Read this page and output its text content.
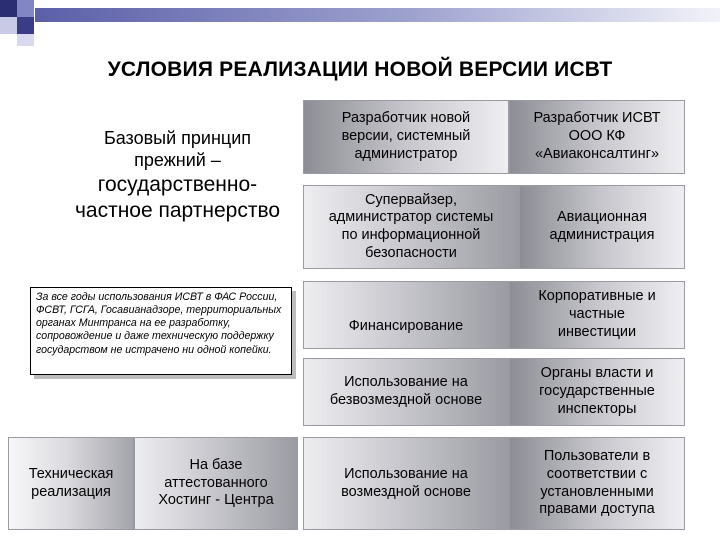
УСЛОВИЯ РЕАЛИЗАЦИИ НОВОЙ ВЕРСИИ ИСВТ
Базовый принцип
прежний –
государственно-
частное партнерство
За все годы использования ИСВТ в ФАС России, ФСВТ, ГСГА, Госавианадзоре, территориальных органах Минтранса на ее разработку, сопровождение и даже техническую поддержку государством не истрачено ни одной копейки.
Техническая
реализация
На базе
аттестованного
Хостинг - Центра
Разработчик новой
версии, системный
администратор
Разработчик ИСВТ
ООО КФ
«Авиаконсалтинг»
Супервайзер,
администратор системы
по информационной
безопасности
Авиационная
администрация
Финансирование
Корпоративные и
частные
инвестиции
Использование на
безвозмездной основе
Органы власти и
государственные
инспекторы
Использование на
возмездной основе
Пользователи в
соответствии с
установленными
правами доступа
